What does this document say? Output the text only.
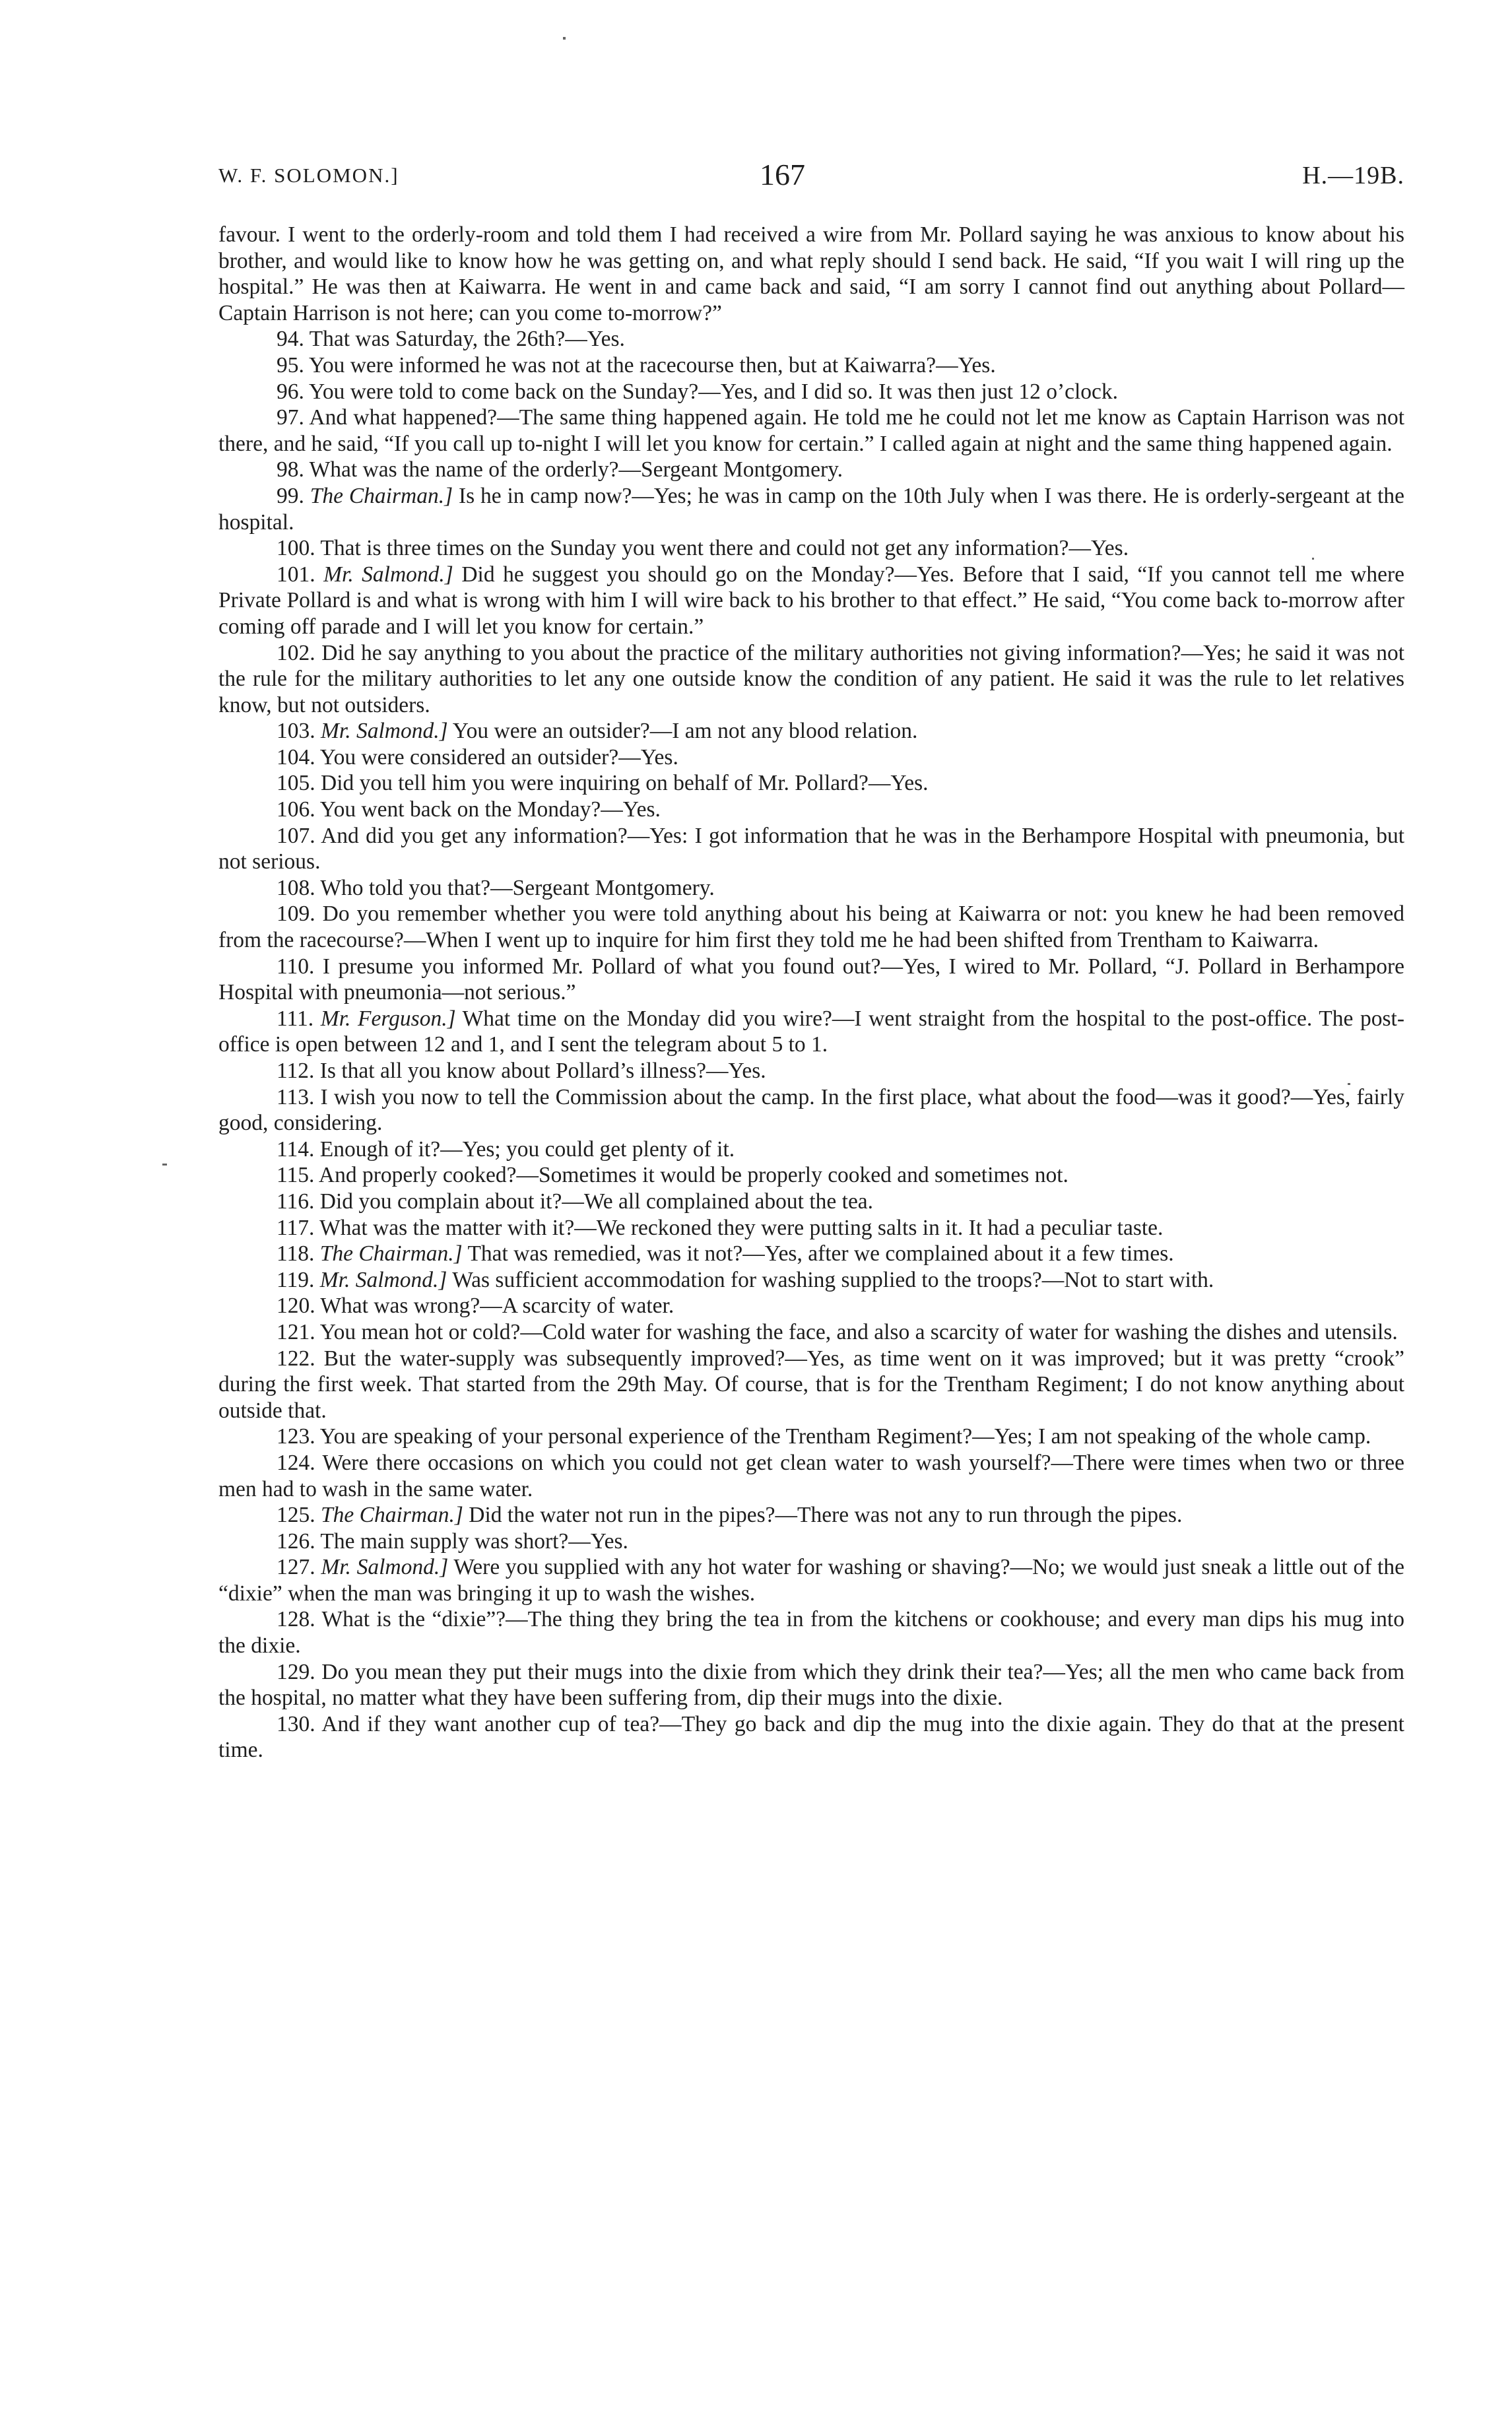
W. F. SOLOMON.]	167	H.—19B.

favour. I went to the orderly-room and told them I had received a wire from Mr. Pollard saying he was anxious to know about his brother, and would like to know how he was getting on, and what reply should I send back. He said, “If you wait I will ring up the hospital.” He was then at Kaiwarra. He went in and came back and said, “I am sorry I cannot find out anything about Pollard—Captain Harrison is not here; can you come to-morrow?”

94. That was Saturday, the 26th?—Yes.

95. You were informed he was not at the racecourse then, but at Kaiwarra?—Yes.

96. You were told to come back on the Sunday?—Yes, and I did so. It was then just 12 o’clock.

97. And what happened?—The same thing happened again. He told me he could not let me know as Captain Harrison was not there, and he said, “If you call up to-night I will let you know for certain.” I called again at night and the same thing happened again.

98. What was the name of the orderly?—Sergeant Montgomery.

99. The Chairman.] Is he in camp now?—Yes; he was in camp on the 10th July when I was there. He is orderly-sergeant at the hospital.

100. That is three times on the Sunday you went there and could not get any information?—Yes.

101. Mr. Salmond.] Did he suggest you should go on the Monday?—Yes. Before that I said, “If you cannot tell me where Private Pollard is and what is wrong with him I will wire back to his brother to that effect.” He said, “You come back to-morrow after coming off parade and I will let you know for certain.”

102. Did he say anything to you about the practice of the military authorities not giving information?—Yes; he said it was not the rule for the military authorities to let any one outside know the condition of any patient. He said it was the rule to let relatives know, but not outsiders.

103. Mr. Salmond.] You were an outsider?—I am not any blood relation.

104. You were considered an outsider?—Yes.

105. Did you tell him you were inquiring on behalf of Mr. Pollard?—Yes.

106. You went back on the Monday?—Yes.

107. And did you get any information?—Yes: I got information that he was in the Berhampore Hospital with pneumonia, but not serious.

108. Who told you that?—Sergeant Montgomery.

109. Do you remember whether you were told anything about his being at Kaiwarra or not: you knew he had been removed from the racecourse?—When I went up to inquire for him first they told me he had been shifted from Trentham to Kaiwarra.

110. I presume you informed Mr. Pollard of what you found out?—Yes, I wired to Mr. Pollard, “J. Pollard in Berhampore Hospital with pneumonia—not serious.”

111. Mr. Ferguson.] What time on the Monday did you wire?—I went straight from the hospital to the post-office. The post-office is open between 12 and 1, and I sent the telegram about 5 to 1.

112. Is that all you know about Pollard’s illness?—Yes.

113. I wish you now to tell the Commission about the camp. In the first place, what about the food—was it good?—Yes, fairly good, considering.

114. Enough of it?—Yes; you could get plenty of it.

115. And properly cooked?—Sometimes it would be properly cooked and sometimes not.

116. Did you complain about it?—We all complained about the tea.

117. What was the matter with it?—We reckoned they were putting salts in it. It had a peculiar taste.

118. The Chairman.] That was remedied, was it not?—Yes, after we complained about it a few times.

119. Mr. Salmond.] Was sufficient accommodation for washing supplied to the troops?—Not to start with.

120. What was wrong?—A scarcity of water.

121. You mean hot or cold?—Cold water for washing the face, and also a scarcity of water for washing the dishes and utensils.

122. But the water-supply was subsequently improved?—Yes, as time went on it was improved; but it was pretty “crook” during the first week. That started from the 29th May. Of course, that is for the Trentham Regiment; I do not know anything about outside that.

123. You are speaking of your personal experience of the Trentham Regiment?—Yes; I am not speaking of the whole camp.

124. Were there occasions on which you could not get clean water to wash yourself?—There were times when two or three men had to wash in the same water.

125. The Chairman.] Did the water not run in the pipes?—There was not any to run through the pipes.

126. The main supply was short?—Yes.

127. Mr. Salmond.] Were you supplied with any hot water for washing or shaving?—No; we would just sneak a little out of the “dixie” when the man was bringing it up to wash the wishes.

128. What is the “dixie”?—The thing they bring the tea in from the kitchens or cookhouse; and every man dips his mug into the dixie.

129. Do you mean they put their mugs into the dixie from which they drink their tea?—Yes; all the men who came back from the hospital, no matter what they have been suffering from, dip their mugs into the dixie.

130. And if they want another cup of tea?—They go back and dip the mug into the dixie again. They do that at the present time.
